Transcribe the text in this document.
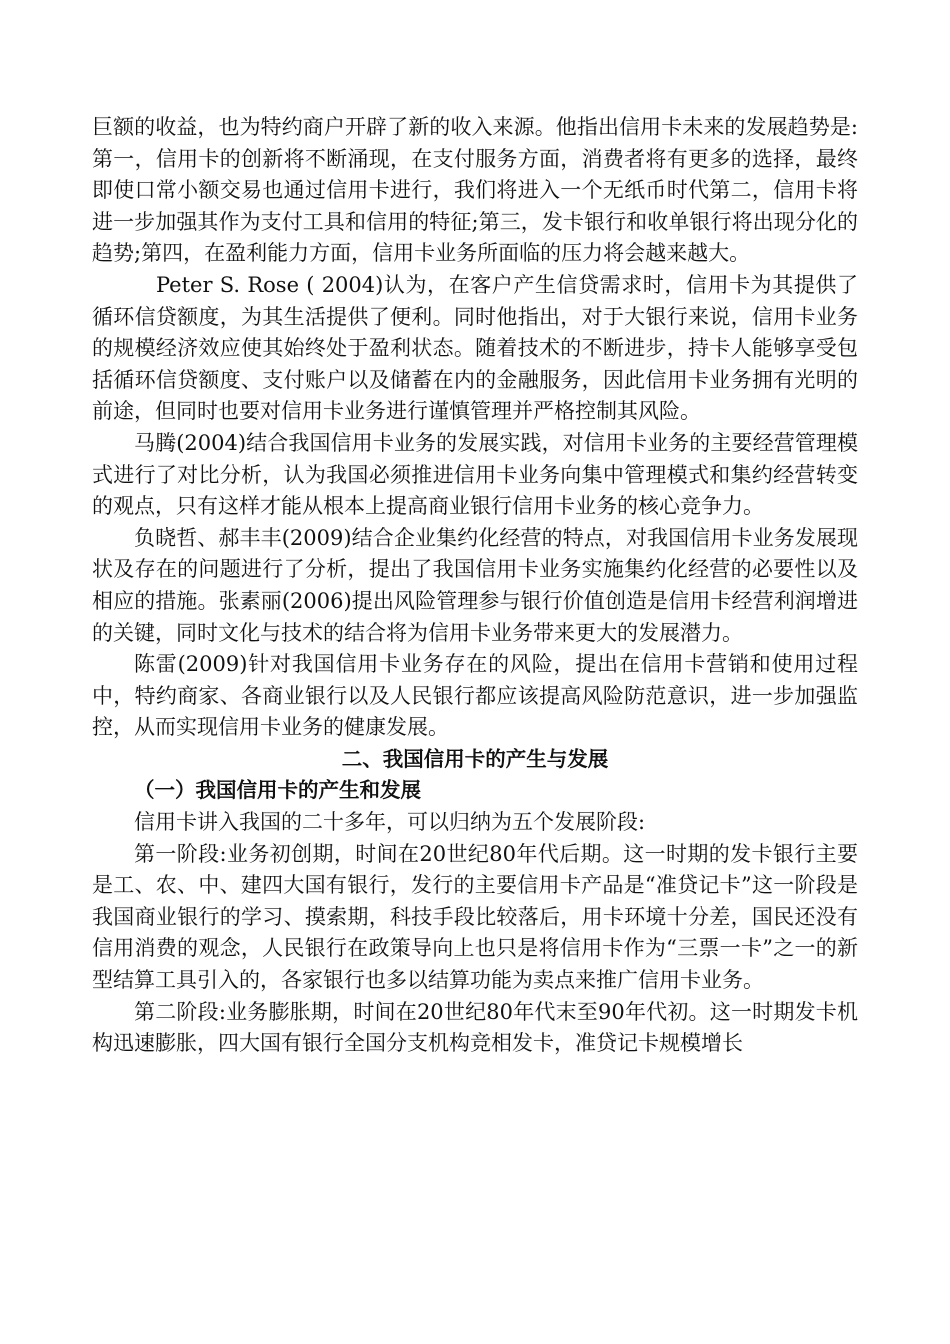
巨额的收益，也为特约商户开辟了新的收入来源。他指出信用卡未来的发展趋势是:第一，信用卡的创新将不断涌现，在支付服务方面，消费者将有更多的选择，最终即使口常小额交易也通过信用卡进行，我们将进入一个无纸币时代第二，信用卡将进一步加强其作为支付工具和信用的特征;第三，发卡银行和收单银行将出现分化的趋势;第四，在盈利能力方面，信用卡业务所面临的压力将会越来越大。

Peter S. Rose ( 2004)认为，在客户产生信贷需求时，信用卡为其提供了循环信贷额度，为其生活提供了便利。同时他指出，对于大银行来说，信用卡业务的规模经济效应使其始终处于盈利状态。随着技术的不断进步，持卡人能够享受包括循环信贷额度、支付账户以及储蓄在内的金融服务，因此信用卡业务拥有光明的前途，但同时也要对信用卡业务进行谨慎管理并严格控制其风险。

马腾(2004)结合我国信用卡业务的发展实践，对信用卡业务的主要经营管理模式进行了对比分析，认为我国必须推进信用卡业务向集中管理模式和集约经营转变的观点，只有这样才能从根本上提高商业银行信用卡业务的核心竞争力。

负晓哲、郝丰丰(2009)结合企业集约化经营的特点，对我国信用卡业务发展现状及存在的问题进行了分析，提出了我国信用卡业务实施集约化经营的必要性以及相应的措施。张素丽(2006)提出风险管理参与银行价值创造是信用卡经营利润增进的关键，同时文化与技术的结合将为信用卡业务带来更大的发展潜力。

陈雷(2009)针对我国信用卡业务存在的风险，提出在信用卡营销和使用过程中，特约商家、各商业银行以及人民银行都应该提高风险防范意识，进一步加强监控，从而实现信用卡业务的健康发展。

二、我国信用卡的产生与发展
（一）我国信用卡的产生和发展

信用卡讲入我国的二十多年，可以归纳为五个发展阶段:

第一阶段:业务初创期，时间在20世纪80年代后期。这一时期的发卡银行主要是工、农、中、建四大国有银行，发行的主要信用卡产品是“准贷记卡”这一阶段是我国商业银行的学习、摸索期，科技手段比较落后，用卡环境十分差，国民还没有信用消费的观念，人民银行在政策导向上也只是将信用卡作为“三票一卡”之一的新型结算工具引入的，各家银行也多以结算功能为卖点来推广信用卡业务。

第二阶段:业务膨胀期，时间在20世纪80年代末至90年代初。这一时期发卡机构迅速膨胀，四大国有银行全国分支机构竞相发卡，准贷记卡规模增长
